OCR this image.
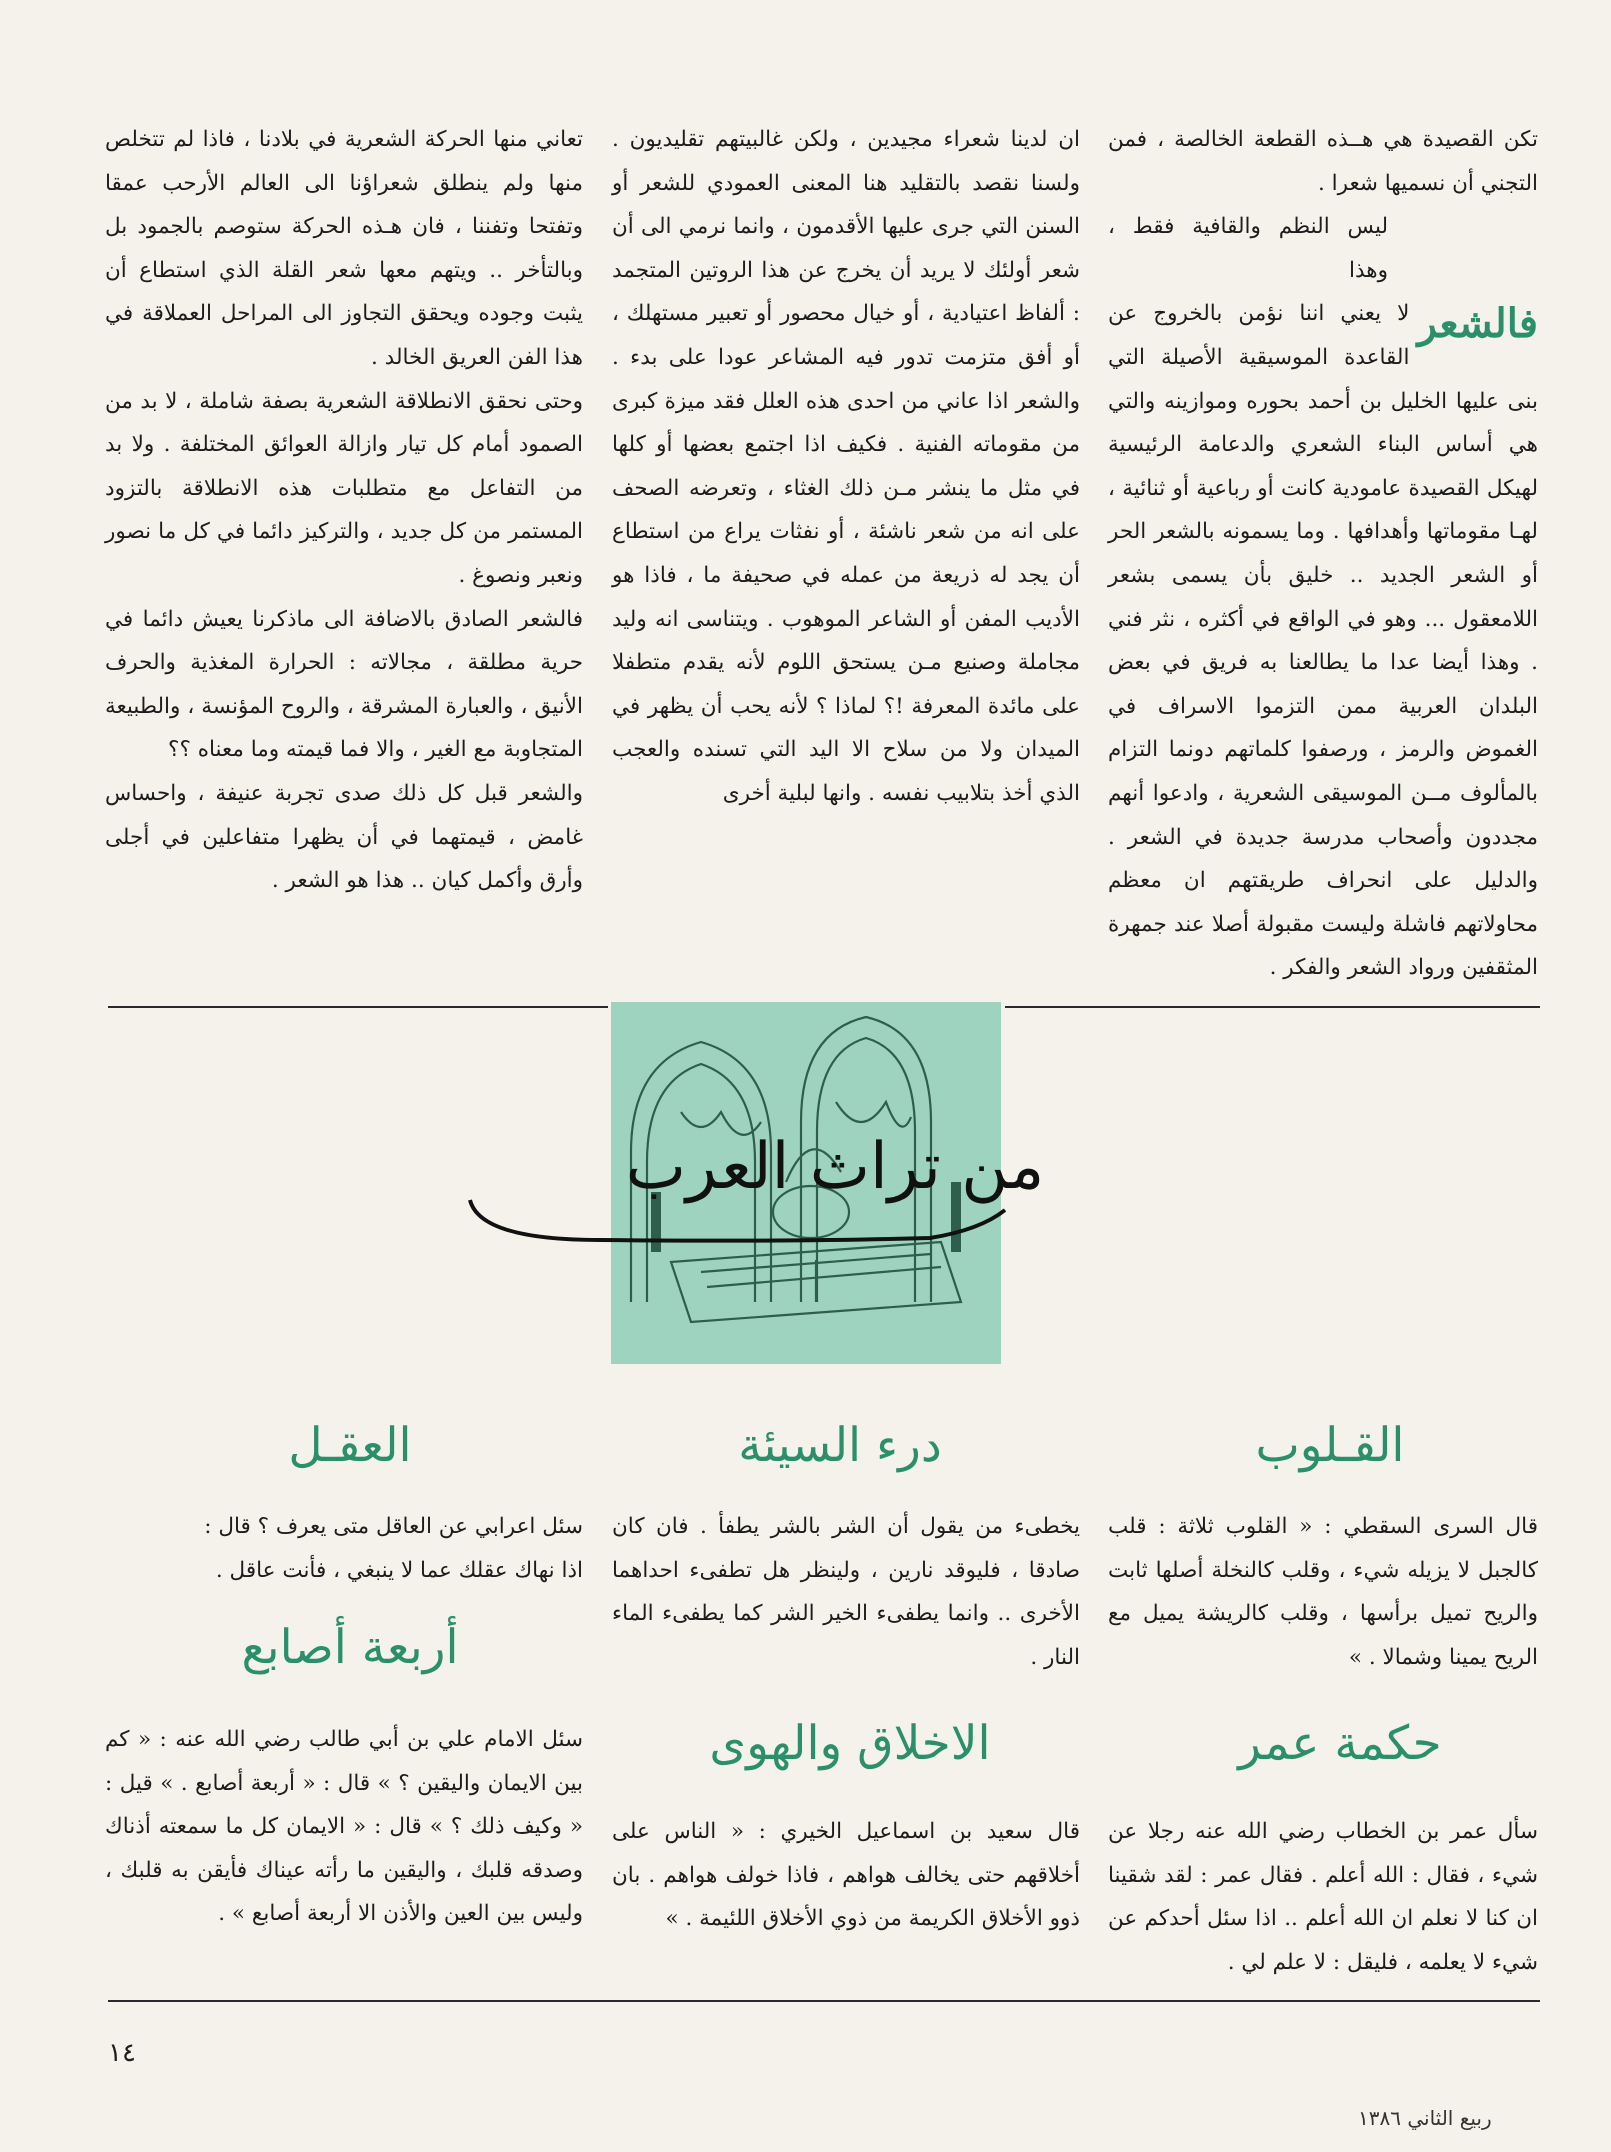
تكن القصيدة هي هــذه القطعة الخالصة ، فمن التجني أن نسميها شعرا .

ليس النظم والقافية فقط ، وهذا
فالشعر
لا يعني اننا نؤمن بالخروج عن القاعدة الموسيقية الأصيلة التي بنى عليها الخليل بن أحمد بحوره وموازينه والتي هي أساس البناء الشعري والدعامة الرئيسية لهيكل القصيدة عامودية كانت أو رباعية أو ثنائية ، لهـا مقوماتها وأهدافها . وما يسمونه بالشعر الحر أو الشعر الجديد .. خليق بأن يسمى بشعر اللامعقول ... وهو في الواقع في أكثره ، نثر فني . وهذا أيضا عدا ما يطالعنا به فريق في بعض البلدان العربية ممن التزموا الاسراف في الغموض والرمز ، ورصفوا كلماتهم دونما التزام بالمألوف مــن الموسيقى الشعرية ، وادعوا أنهم مجددون وأصحاب مدرسة جديدة في الشعر . والدليل على انحراف طريقتهم ان معظم محاولاتهم فاشلة وليست مقبولة أصلا عند جمهرة المثقفين ورواد الشعر والفكر .

ان لدينا شعراء مجيدين ، ولكن غالبيتهم تقليديون . ولسنا نقصد بالتقليد هنا المعنى العمودي للشعر أو السنن التي جرى عليها الأقدمون ، وانما نرمي الى أن شعر أولئك لا يريد أن يخرج عن هذا الروتين المتجمد : ألفاظ اعتيادية ، أو خيال محصور أو تعبير مستهلك ، أو أفق متزمت تدور فيه المشاعر عودا على بدء . والشعر اذا عاني من احدى هذه العلل فقد ميزة كبرى من مقوماته الفنية . فكيف اذا اجتمع بعضها أو كلها في مثل ما ينشر مـن ذلك الغثاء ، وتعرضه الصحف على انه من شعر ناشئة ، أو نفثات يراع من استطاع أن يجد له ذريعة من عمله في صحيفة ما ، فاذا هو الأديب المفن أو الشاعر الموهوب . ويتناسى انه وليد مجاملة وصنيع مـن يستحق اللوم لأنه يقدم متطفلا على مائدة المعرفة !؟ لماذا ؟ لأنه يحب أن يظهر في الميدان ولا من سلاح الا اليد التي تسنده والعجب الذي أخذ بتلابيب نفسه . وانها لبلية أخرى

تعاني منها الحركة الشعرية في بلادنا ، فاذا لم تتخلص منها ولم ينطلق شعراؤنا الى العالم الأرحب عمقا وتفتحا وتفننا ، فان هـذه الحركة ستوصم بالجمود بل وبالتأخر .. ويتهم معها شعر القلة الذي استطاع أن يثبت وجوده ويحقق التجاوز الى المراحل العملاقة في هذا الفن العريق الخالد .

وحتى نحقق الانطلاقة الشعرية بصفة شاملة ، لا بد من الصمود أمام كل تيار وازالة العوائق المختلفة . ولا بد من التفاعل مع متطلبات هذه الانطلاقة بالتزود المستمر من كل جديد ، والتركيز دائما في كل ما نصور ونعبر ونصوغ .

فالشعر الصادق بالاضافة الى ماذكرنا يعيش دائما في حرية مطلقة ، مجالاته : الحرارة المغذية والحرف الأنيق ، والعبارة المشرقة ، والروح المؤنسة ، والطبيعة المتجاوبة مع الغير ، والا فما قيمته وما معناه ؟؟

والشعر قبل كل ذلك صدى تجربة عنيفة ، واحساس غامض ، قيمتهما في أن يظهرا متفاعلين في أجلى وأرق وأكمل كيان .. هذا هو الشعر .

من تراث العرب
القـلوب
قال السرى السقطي : « القلوب ثلاثة : قلب كالجبل لا يزيله شيء ، وقلب كالنخلة أصلها ثابت والريح تميل برأسها ، وقلب كالريشة يميل مع الريح يمينا وشمالا . »
درء السيئة
يخطىء من يقول أن الشر بالشر يطفأ . فان كان صادقا ، فليوقد نارين ، ولينظر هل تطفىء احداهما الأخرى .. وانما يطفىء الخير الشر كما يطفىء الماء النار .
العقـل
سئل اعرابي عن العاقل متى يعرف ؟ قال :
اذا نهاك عقلك عما لا ينبغي ، فأنت عاقل .
حكمة عمر
سأل عمر بن الخطاب رضي الله عنه رجلا عن شيء ، فقال : الله أعلم . فقال عمر : لقد شقينا ان كنا لا نعلم ان الله أعلم .. اذا سئل أحدكم عن شيء لا يعلمه ، فليقل : لا علم لي .
الاخلاق والهوى
قال سعيد بن اسماعيل الخيري : « الناس على أخلاقهم حتى يخالف هواهم ، فاذا خولف هواهم . بان ذوو الأخلاق الكريمة من ذوي الأخلاق اللئيمة . »
أربعة أصابع
سئل الامام علي بن أبي طالب رضي الله عنه : « كم بين الايمان واليقين ؟ » قال : « أربعة أصابع . » قيل : « وكيف ذلك ؟ » قال : « الايمان كل ما سمعته أذناك وصدقه قلبك ، واليقين ما رأته عيناك فأيقن به قلبك ، وليس بين العين والأذن الا أربعة أصابع » .
١٤
ربيع الثاني ١٣٨٦
